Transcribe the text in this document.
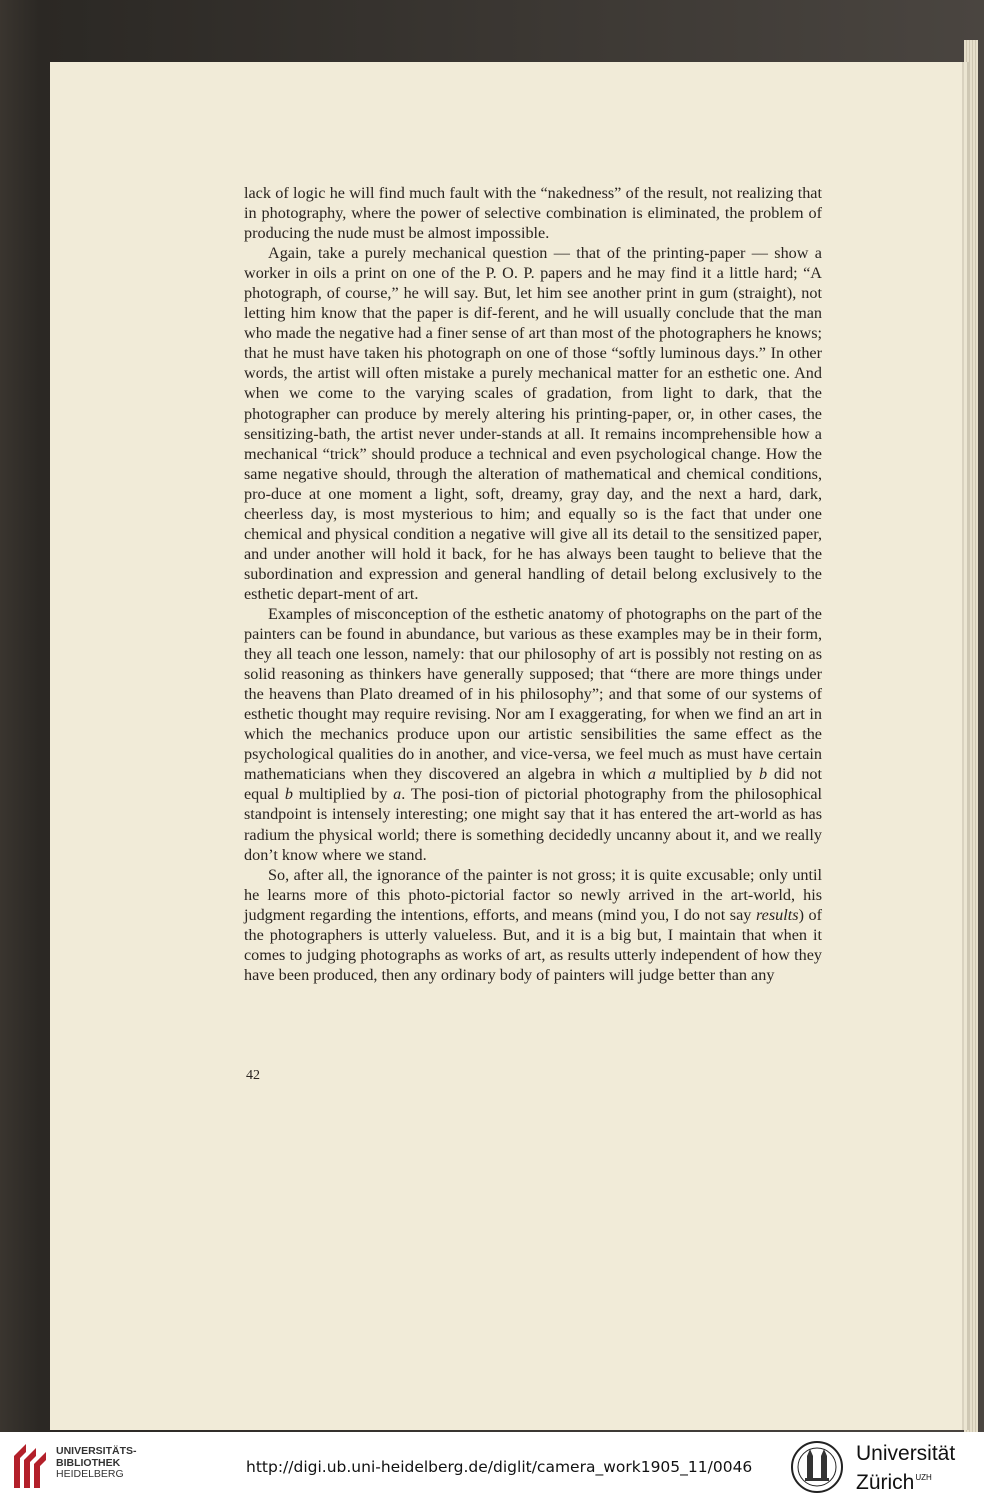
lack of logic he will find much fault with the “nakedness” of the result, not realizing that in photography, where the power of selective combination is eliminated, the problem of producing the nude must be almost impossible.

Again, take a purely mechanical question — that of the printing-paper — show a worker in oils a print on one of the P. O. P. papers and he may find it a little hard; “A photograph, of course,” he will say. But, let him see another print in gum (straight), not letting him know that the paper is dif-ferent, and he will usually conclude that the man who made the negative had a finer sense of art than most of the photographers he knows; that he must have taken his photograph on one of those “softly luminous days.” In other words, the artist will often mistake a purely mechanical matter for an esthetic one. And when we come to the varying scales of gradation, from light to dark, that the photographer can produce by merely altering his printing-paper, or, in other cases, the sensitizing-bath, the artist never under-stands at all. It remains incomprehensible how a mechanical “trick” should produce a technical and even psychological change. How the same negative should, through the alteration of mathematical and chemical conditions, pro-duce at one moment a light, soft, dreamy, gray day, and the next a hard, dark, cheerless day, is most mysterious to him; and equally so is the fact that under one chemical and physical condition a negative will give all its detail to the sensitized paper, and under another will hold it back, for he has always been taught to believe that the subordination and expression and general handling of detail belong exclusively to the esthetic depart-ment of art.

Examples of misconception of the esthetic anatomy of photographs on the part of the painters can be found in abundance, but various as these examples may be in their form, they all teach one lesson, namely: that our philosophy of art is possibly not resting on as solid reasoning as thinkers have generally supposed; that “there are more things under the heavens than Plato dreamed of in his philosophy”; and that some of our systems of esthetic thought may require revising. Nor am I exaggerating, for when we find an art in which the mechanics produce upon our artistic sensibilities the same effect as the psychological qualities do in another, and vice-versa, we feel much as must have certain mathematicians when they discovered an algebra in which a multiplied by b did not equal b multiplied by a. The posi-tion of pictorial photography from the philosophical standpoint is intensely interesting; one might say that it has entered the art-world as has radium the physical world; there is something decidedly uncanny about it, and we really don’t know where we stand.

So, after all, the ignorance of the painter is not gross; it is quite excusable; only until he learns more of this photo-pictorial factor so newly arrived in the art-world, his judgment regarding the intentions, efforts, and means (mind you, I do not say results) of the photographers is utterly valueless. But, and it is a big but, I maintain that when it comes to judging photographs as works of art, as results utterly independent of how they have been produced, then any ordinary body of painters will judge better than any

42
UNIVERSITÄTS-
BIBLIOTHEK
HEIDELBERG	http://digi.ub.uni-heidelberg.de/diglit/camera_work1905_11/0046
Universität
Zürich$^{UZH}$
